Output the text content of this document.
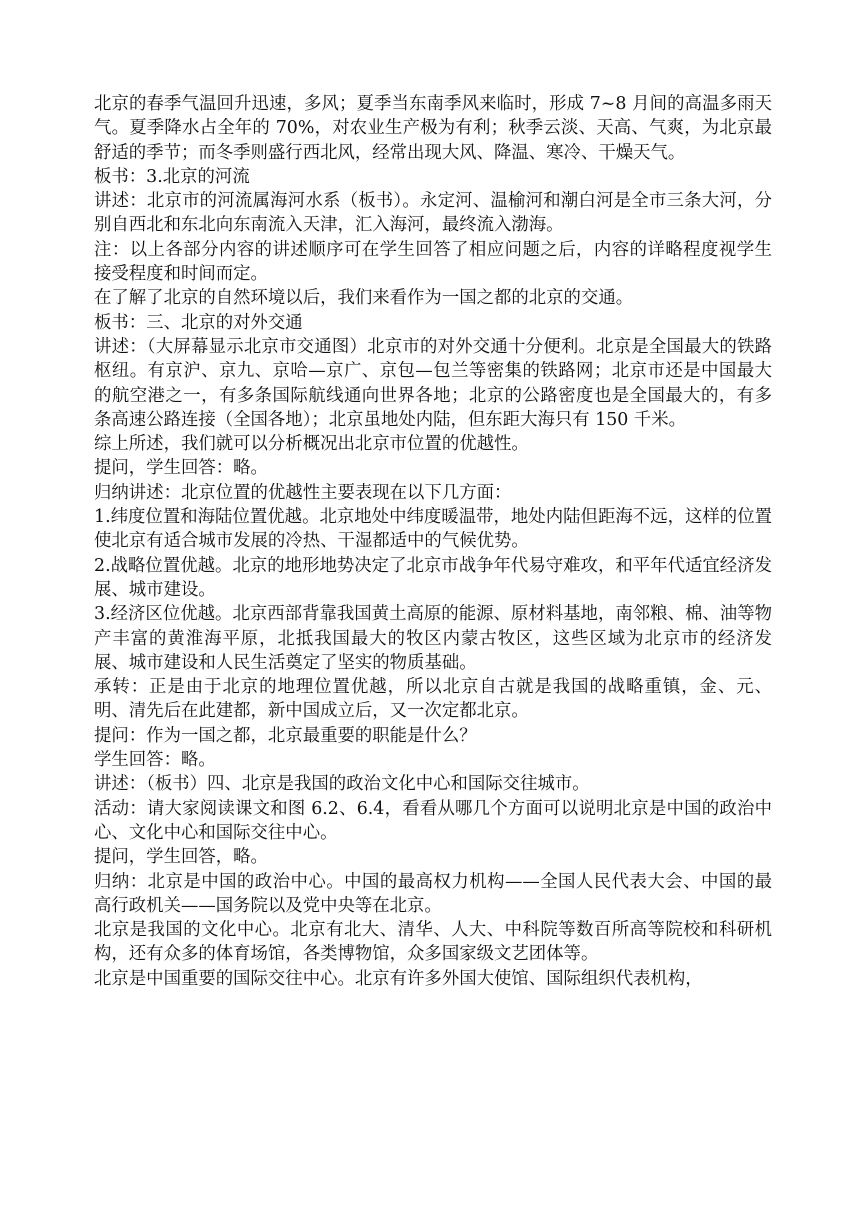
北京的春季气温回升迅速，多风；夏季当东南季风来临时，形成 7~8 月间的高温多雨天气。夏季降水占全年的 70%，对农业生产极为有利；秋季云淡、天高、气爽，为北京最舒适的季节；而冬季则盛行西北风，经常出现大风、降温、寒冷、干燥天气。

板书：3.北京的河流

讲述：北京市的河流属海河水系（板书）。永定河、温榆河和潮白河是全市三条大河，分别自西北和东北向东南流入天津，汇入海河，最终流入渤海。

注：以上各部分内容的讲述顺序可在学生回答了相应问题之后，内容的详略程度视学生接受程度和时间而定。

在了解了北京的自然环境以后，我们来看作为一国之都的北京的交通。

板书：三、北京的对外交通

讲述：（大屏幕显示北京市交通图）北京市的对外交通十分便利。北京是全国最大的铁路枢纽。有京沪、京九、京哈—京广、京包—包兰等密集的铁路网；北京市还是中国最大的航空港之一，有多条国际航线通向世界各地；北京的公路密度也是全国最大的，有多条高速公路连接（全国各地）；北京虽地处内陆，但东距大海只有 150 千米。

综上所述，我们就可以分析概况出北京市位置的优越性。

提问，学生回答：略。

归纳讲述：北京位置的优越性主要表现在以下几方面：

1.纬度位置和海陆位置优越。北京地处中纬度暖温带，地处内陆但距海不远，这样的位置使北京有适合城市发展的冷热、干湿都适中的气候优势。

2.战略位置优越。北京的地形地势决定了北京市战争年代易守难攻，和平年代适宜经济发展、城市建设。

3.经济区位优越。北京西部背靠我国黄土高原的能源、原材料基地，南邻粮、棉、油等物产丰富的黄淮海平原，北抵我国最大的牧区内蒙古牧区，这些区域为北京市的经济发展、城市建设和人民生活奠定了坚实的物质基础。

承转：正是由于北京的地理位置优越，所以北京自古就是我国的战略重镇，金、元、明、清先后在此建都，新中国成立后，又一次定都北京。

提问：作为一国之都，北京最重要的职能是什么？

学生回答：略。

讲述：（板书）四、北京是我国的政治文化中心和国际交往城市。

活动：请大家阅读课文和图 6.2、6.4，看看从哪几个方面可以说明北京是中国的政治中心、文化中心和国际交往中心。

提问，学生回答，略。

归纳：北京是中国的政治中心。中国的最高权力机构——全国人民代表大会、中国的最高行政机关——国务院以及党中央等在北京。

北京是我国的文化中心。北京有北大、清华、人大、中科院等数百所高等院校和科研机构，还有众多的体育场馆，各类博物馆，众多国家级文艺团体等。

北京是中国重要的国际交往中心。北京有许多外国大使馆、国际组织代表机构，
